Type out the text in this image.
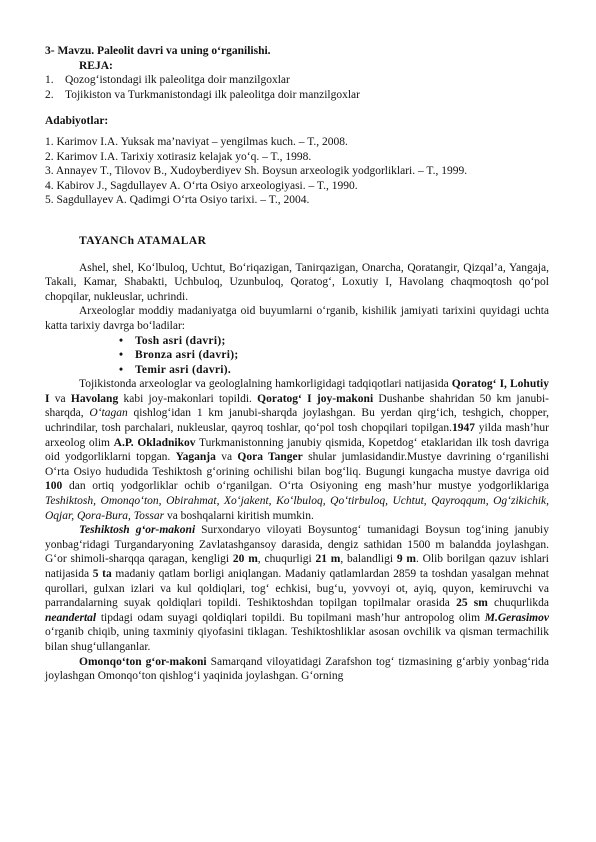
3- Mavzu. Paleolit davri va uning o‘rganilishi.
REJA:
1. Qozog‘istondagi ilk paleolitga doir manzilgoxlar
2. Tojikiston va Turkmanistondagi ilk paleolitga doir manzilgoxlar
Adabiyotlar:
1. Karimov I.A. Yuksak ma’naviyat – yengilmas kuch. – T., 2008.
2. Karimov I.A. Tarixiy xotirasiz kelajak yo‘q. – T., 1998.
3. Annayev T., Tilovov B., Xudoyberdiyev Sh. Boysun arxeologik yodgorliklari. – T., 1999.
4. Kabirov J., Sagdullayev A. O‘rta Osiyo arxeologiyasi. – T., 1990.
5. Sagdullayev A. Qadimgi O‘rta Osiyo tarixi. – T., 2004.
TAYANCh ATAMALAR
Ashel, shel, Ko‘lbuloq, Uchtut, Bo‘riqazigan, Tanirqazigan, Onarcha, Qoratangir, Qizqal’a, Yangaja, Takali, Kamar, Shabakti, Uchbuloq, Uzunbuloq, Qoratog‘, Loxutiy I, Havolang chaqmoqtosh qo‘pol chopqilar, nukleuslar, uchrindi.
Arxeologlar moddiy madaniyatga oid buyumlarni o‘rganib, kishilik jamiyati tarixini quyidagi uchta katta tarixiy davrga bo‘ladilar:
• Tosh asri (davri);
• Bronza asri (davri);
• Temir asri (davri).
Tojikistonda arxeologlar va geologlalning hamkorligidagi tadqiqotlari natijasida Qoratog‘ I, Lohutiy I va Havolang kabi joy-makonlari topildi. Qoratog‘ I joy-makoni Dushanbe shahridan 50 km janubi-sharqda, O‘tagan qishlog‘idan 1 km janubi-sharqda joylashgan. Bu yerdan qirg‘ich, teshgich, chopper, uchrindilar, tosh parchalari, nukleuslar, qayroq toshlar, qo‘pol tosh chopqilari topilgan.1947 yilda mash’hur arxeolog olim A.P. Okladnikov Turkmanistonning janubiy qismida, Kopetdog‘ etaklaridan ilk tosh davriga oid yodgorliklarni topgan. Yaganja va Qora Tanger shular jumlasidandir.Mustye davrining o‘rganilishi O‘rta Osiyo hududida Teshiktosh g‘orining ochilishi bilan bog‘liq. Bugungi kungacha mustye davriga oid 100 dan ortiq yodgorliklar ochib o‘rganilgan. O‘rta Osiyoning eng mash’hur mustye yodgorliklariga Teshiktosh, Omonqo‘ton, Obirahmat, Xo‘jakent, Ko‘lbuloq, Qo‘tirbuloq, Uchtut, Qayroqqum, Og‘zikichik, Oqjar, Qora-Bura, Tossar va boshqalarni kiritish mumkin.
Teshiktosh g‘or-makoni Surxondaryo viloyati Boysuntog‘ tumanidagi Boysun tog‘ining janubiy yonbag‘ridagi Turgandaryoning Zavlatashgansoy darasida, dengiz sathidan 1500 m balandda joylashgan. G‘or shimoli-sharqqa qaragan, kengligi 20 m, chuqurligi 21 m, balandligi 9 m. Olib borilgan qazuv ishlari natijasida 5 ta madaniy qatlam borligi aniqlangan. Madaniy qatlamlardan 2859 ta toshdan yasalgan mehnat qurollari, gulxan izlari va kul qoldiqlari, tog‘ echkisi, bug‘u, yovvoyi ot, ayiq, quyon, kemiruvchi va parrandalarning suyak qoldiqlari topildi. Teshiktoshdan topilgan topilmalar orasida 25 sm chuqurlikda neandertal tipdagi odam suyagi qoldiqlari topildi. Bu topilmani mash’hur antropolog olim M.Gerasimov o‘rganib chiqib, uning taxminiy qiyofasini tiklagan. Teshiktoshliklar asosan ovchilik va qisman termachilik bilan shug‘ullanganlar.
Omonqo‘ton g‘or-makoni Samarqand viloyatidagi Zarafshon tog‘ tizmasining g‘arbiy yonbag‘rida joylashgan Omonqo‘ton qishlog‘i yaqinida joylashgan. G‘orning
